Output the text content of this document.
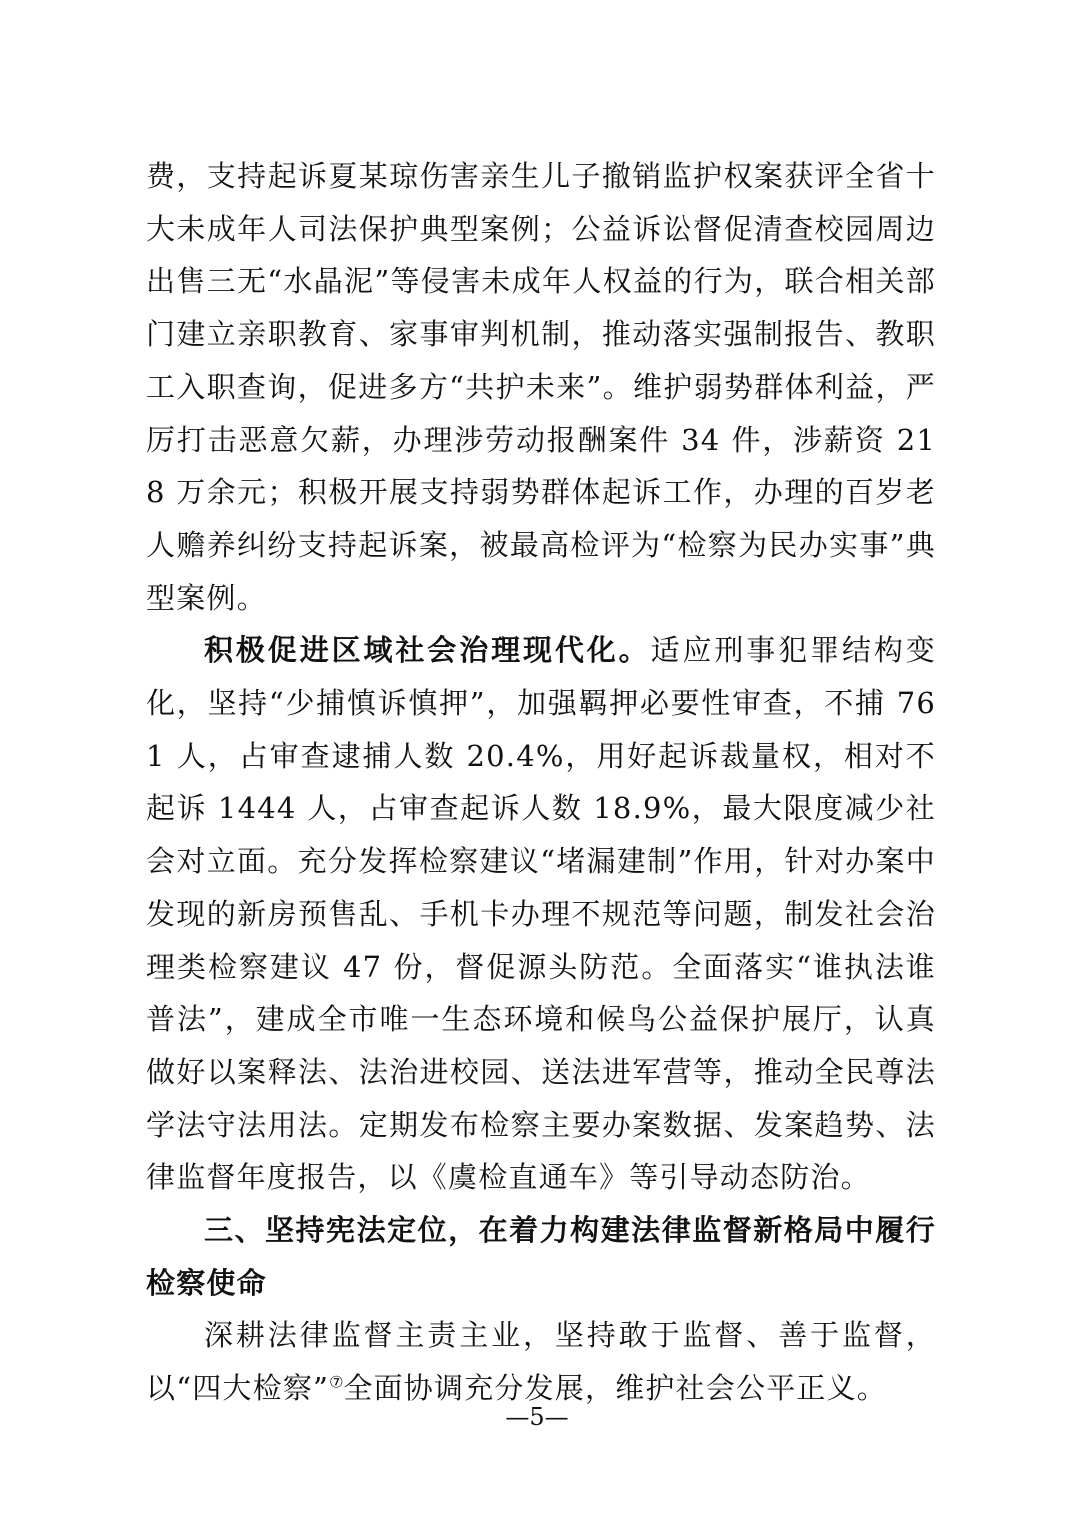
费，支持起诉夏某琼伤害亲生儿子撤销监护权案获评全省十大未成年人司法保护典型案例；公益诉讼督促清查校园周边出售三无“水晶泥”等侵害未成年人权益的行为，联合相关部门建立亲职教育、家事审判机制，推动落实强制报告、教职工入职查询，促进多方“共护未来”。维护弱势群体利益，严厉打击恶意欠薪，办理涉劳动报酬案件 34 件，涉薪资 218 万余元；积极开展支持弱势群体起诉工作，办理的百岁老人赡养纠纷支持起诉案，被最高检评为“检察为民办实事”典型案例。

积极促进区域社会治理现代化。适应刑事犯罪结构变化，坚持“少捕慎诉慎押”，加强羁押必要性审查，不捕 761 人，占审查逮捕人数 20.4%，用好起诉裁量权，相对不起诉 1444 人，占审查起诉人数 18.9%，最大限度减少社会对立面。充分发挥检察建议“堵漏建制”作用，针对办案中发现的新房预售乱、手机卡办理不规范等问题，制发社会治理类检察建议 47 份，督促源头防范。全面落实“谁执法谁普法”，建成全市唯一生态环境和候鸟公益保护展厅，认真做好以案释法、法治进校园、送法进军营等，推动全民尊法学法守法用法。定期发布检察主要办案数据、发案趋势、法律监督年度报告，以《虞检直通车》等引导动态防治。

三、坚持宪法定位，在着力构建法律监督新格局中履行检察使命

深耕法律监督主责主业，坚持敢于监督、善于监督，以“四大检察”⑦全面协调充分发展，维护社会公平正义。

—5—
